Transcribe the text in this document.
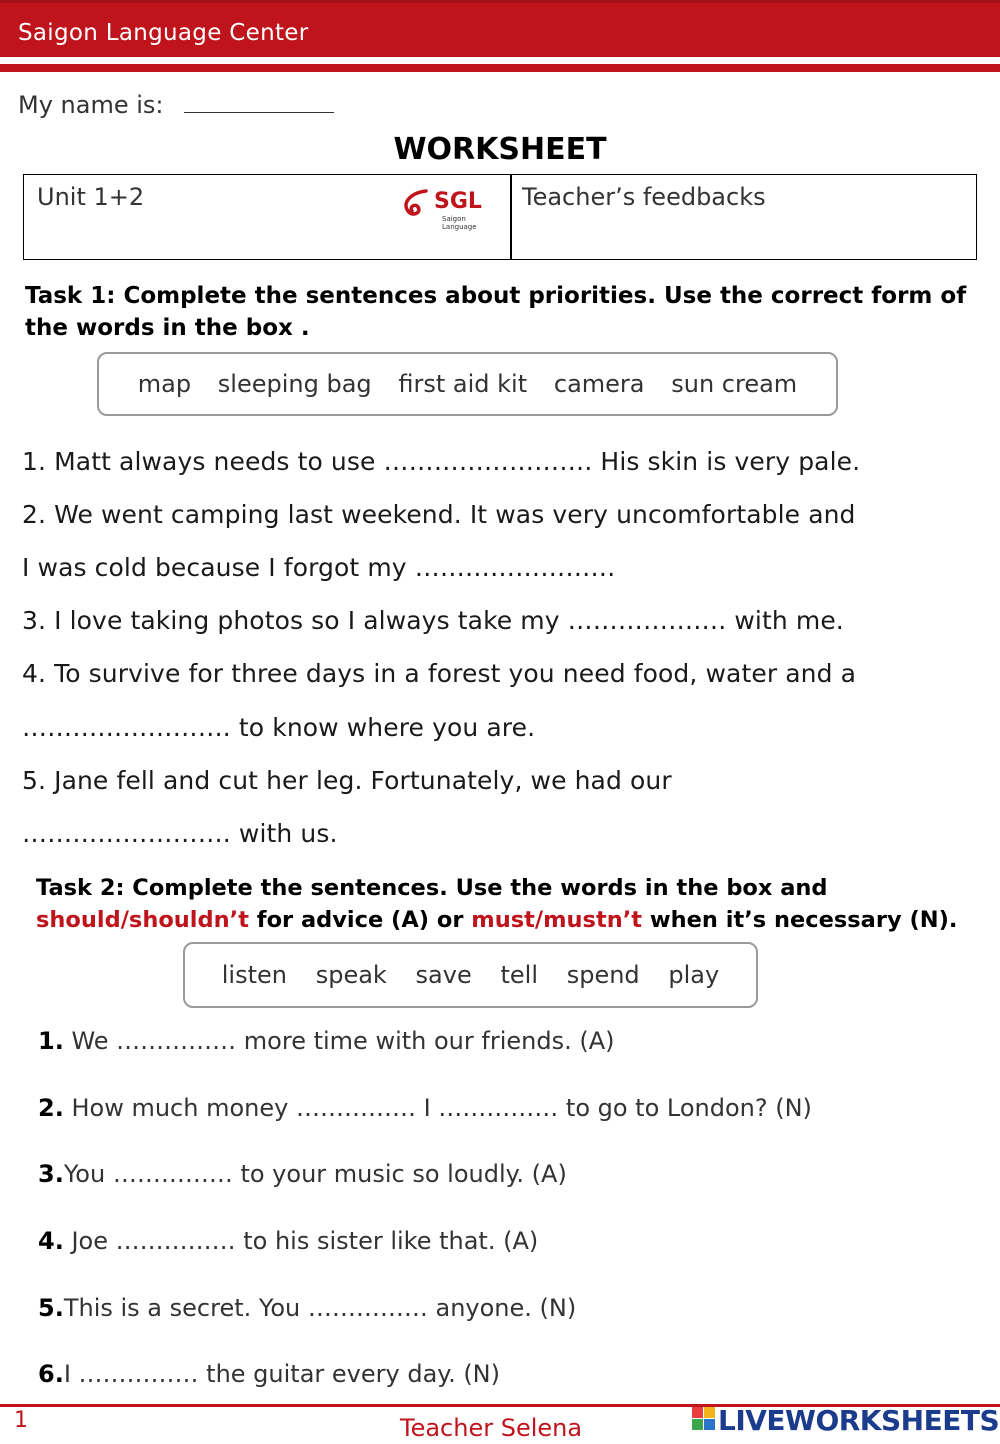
Saigon Language Center
My name is:
WORKSHEET
Unit 1+2	SGL
Saigon Language
Teacher’s feedbacks
Task 1: Complete the sentences about priorities. Use the correct form of
the words in the box .
map sleeping bag first aid kit camera sun cream
1. Matt always needs to use ……………………. His skin is very pale.
2. We went camping last weekend. It was very uncomfortable and
I was cold because I forgot my ……………………
3. I love taking photos so I always take my ………………. with me.
4. To survive for three days in a forest you need food, water and a
……………………. to know where you are.
5. Jane fell and cut her leg. Fortunately, we had our
……………………. with us.
Task 2: Complete the sentences. Use the words in the box and
should/shouldn’t for advice (A) or must/mustn’t when it’s necessary (N).
listen speak save tell spend play
1. We …………… more time with our friends. (A)
2. How much money …………… I …………… to go to London? (N)
3.You …………… to your music so loudly. (A)
4. Joe …………… to his sister like that. (A)
5.This is a secret. You …………… anyone. (N)
6.I …………… the guitar every day. (N)
1	Teacher Selena	LIVEWORKSHEETS
